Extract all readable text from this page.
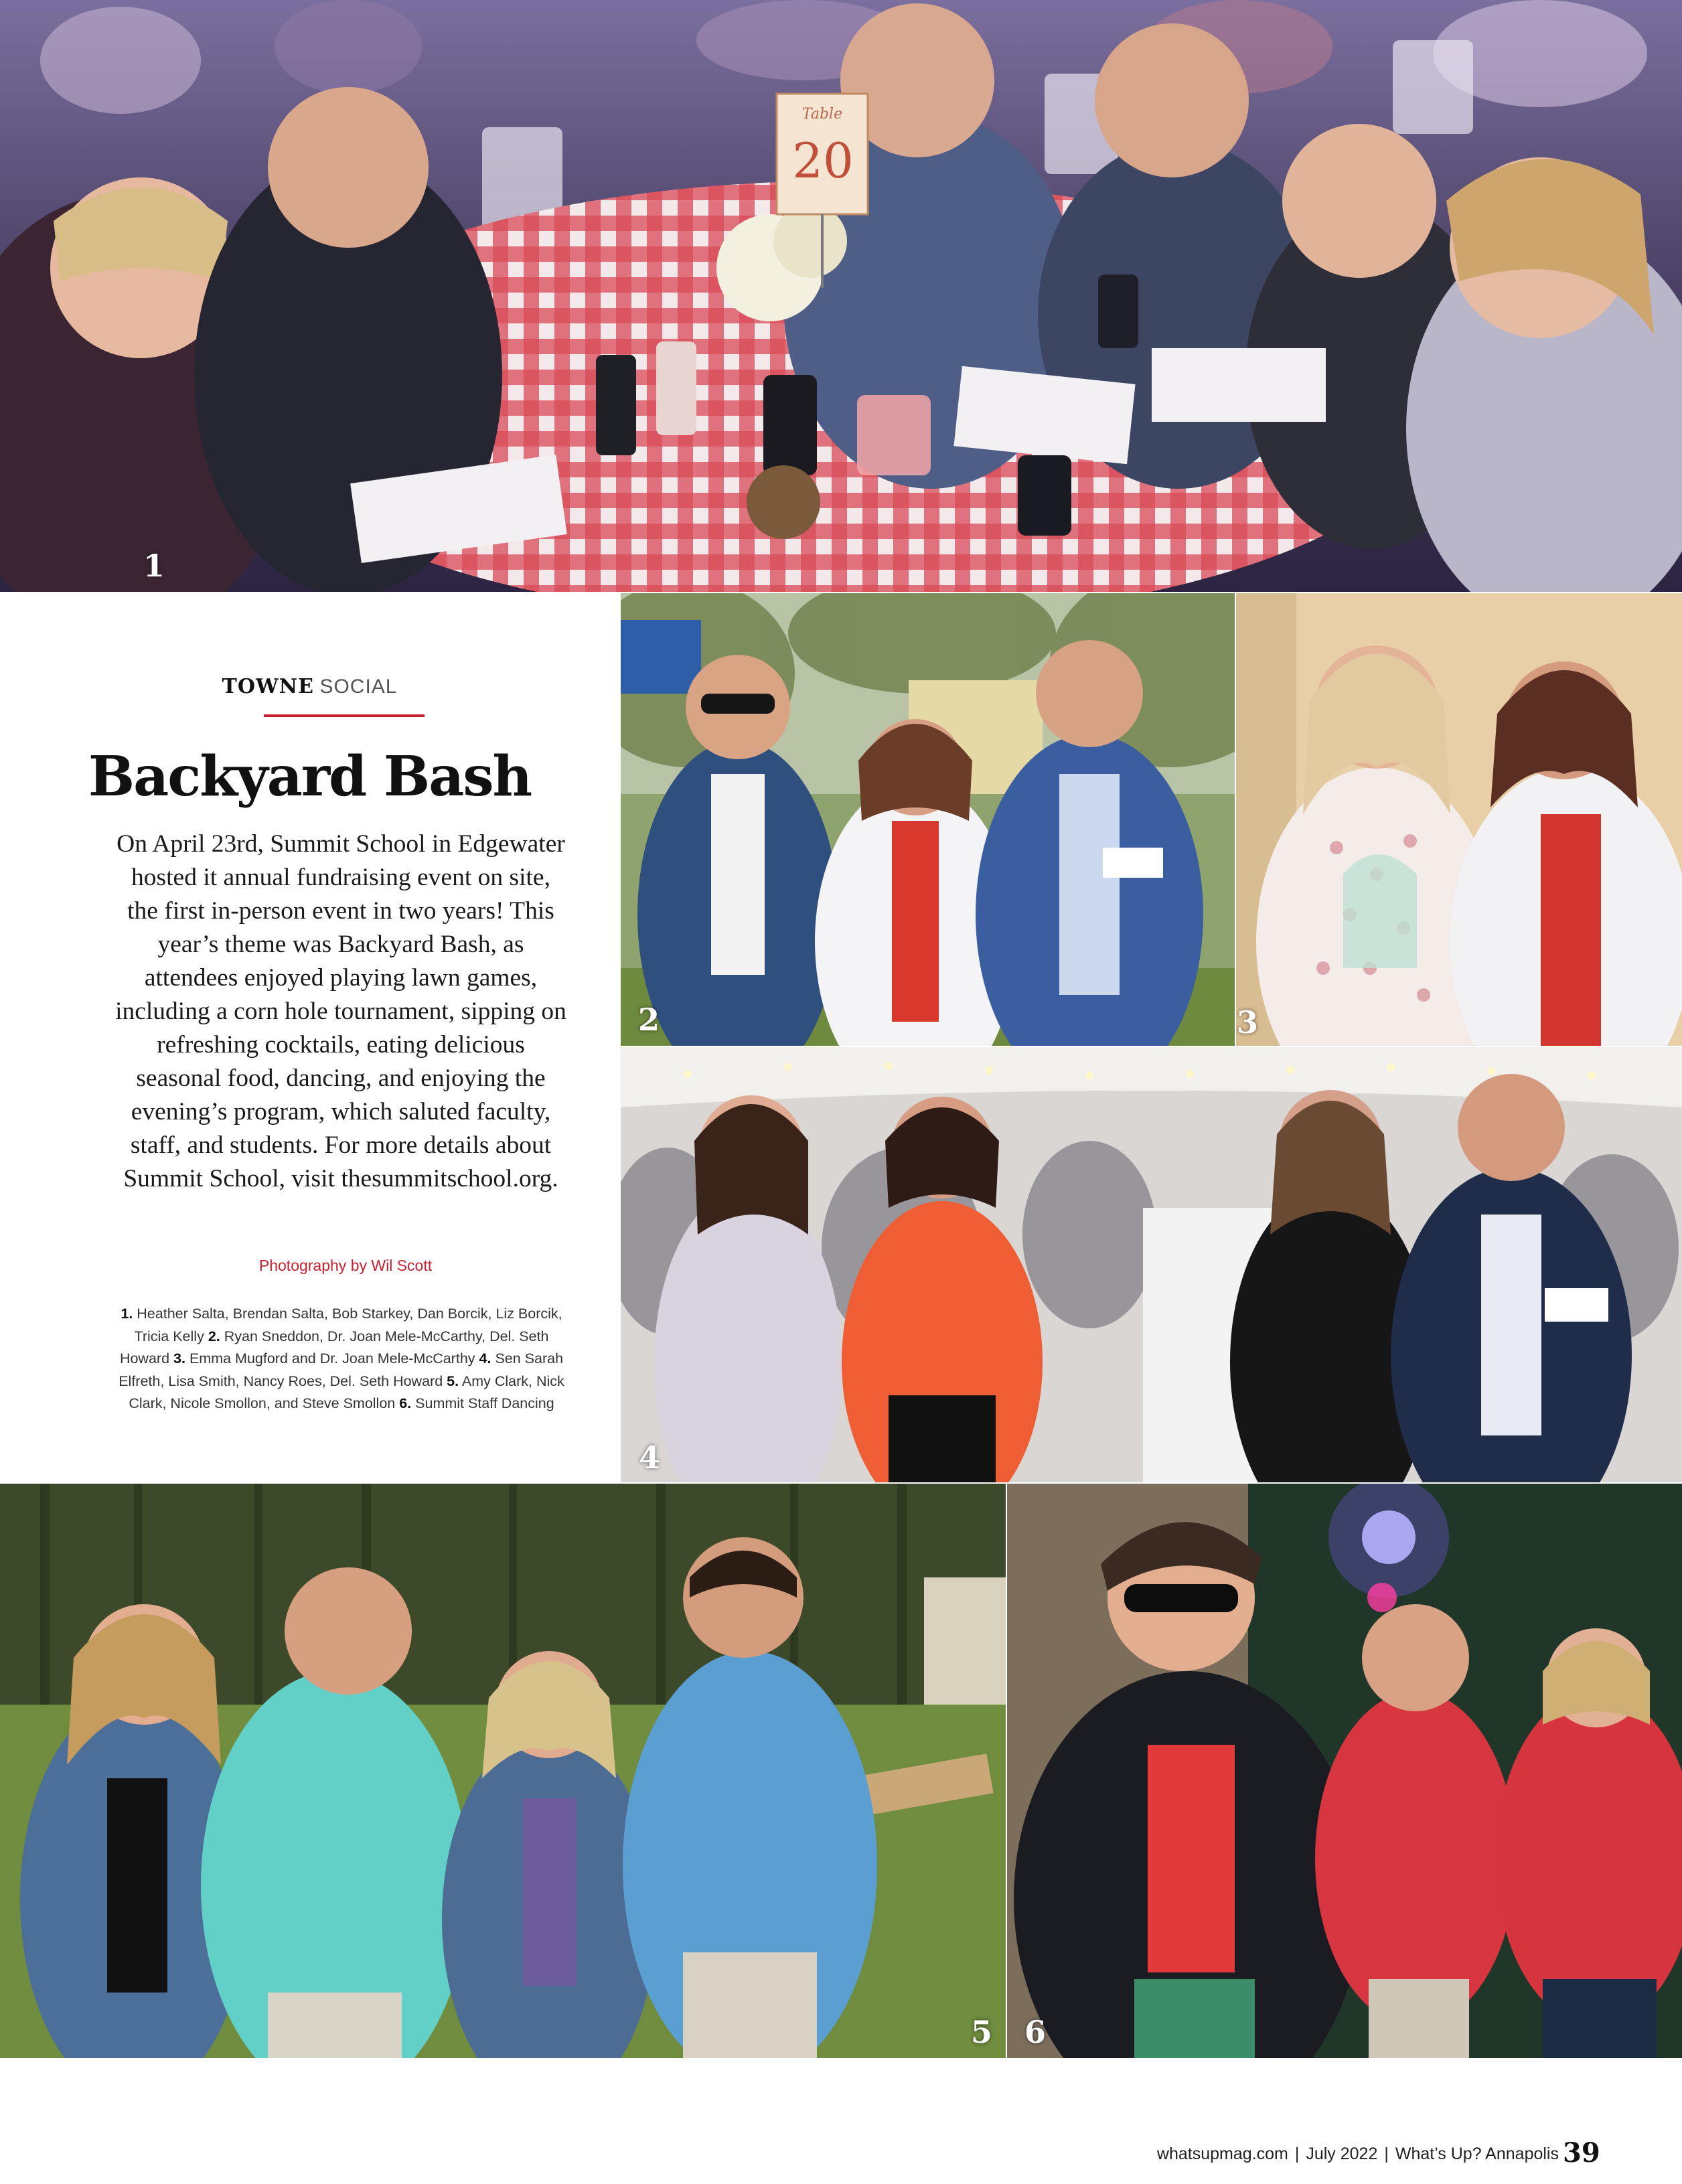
Table
20
1
TOWNE SOCIAL
Backyard Bash
On April 23rd, Summit School in Edgewater hosted it annual fundraising event on site, the first in-person event in two years! This year’s theme was Backyard Bash, as attendees enjoyed playing lawn games, including a corn hole tournament, sipping on refreshing cocktails, eating delicious seasonal food, dancing, and enjoying the evening’s program, which saluted faculty, staff, and students. For more details about Summit School, visit thesummitschool.org.
Photography by Wil Scott
1. Heather Salta, Brendan Salta, Bob Starkey, Dan Borcik, Liz Borcik, Tricia Kelly 2. Ryan Sneddon, Dr. Joan Mele-McCarthy, Del. Seth Howard 3. Emma Mugford and Dr. Joan Mele-McCarthy 4. Sen Sarah Elfreth, Lisa Smith, Nancy Roes, Del. Seth Howard 5. Amy Clark, Nick Clark, Nicole Smollon, and Steve Smollon 6. Summit Staff Dancing
2	3
4
5 6
whatsupmag.com | July 2022 | What’s Up? Annapolis 39
